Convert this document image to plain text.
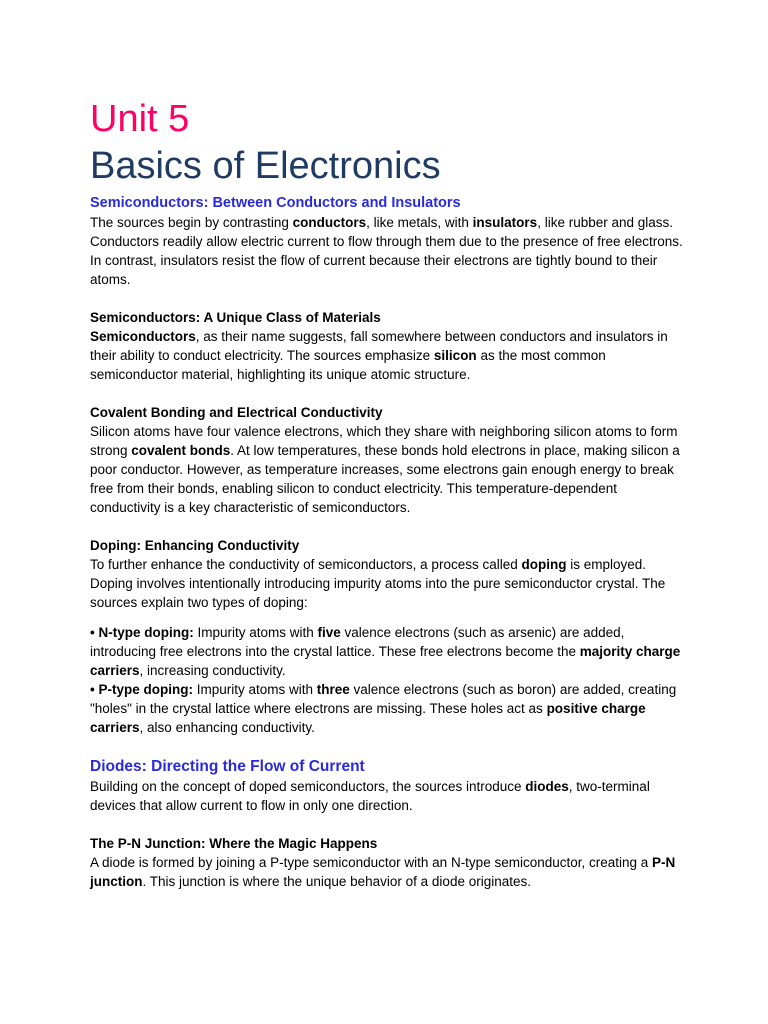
Unit 5
Basics of Electronics
Semiconductors: Between Conductors and Insulators

The sources begin by contrasting conductors, like metals, with insulators, like rubber and glass. Conductors readily allow electric current to flow through them due to the presence of free electrons. In contrast, insulators resist the flow of current because their electrons are tightly bound to their atoms.

Semiconductors: A Unique Class of Materials

Semiconductors, as their name suggests, fall somewhere between conductors and insulators in their ability to conduct electricity. The sources emphasize silicon as the most common semiconductor material, highlighting its unique atomic structure.

Covalent Bonding and Electrical Conductivity

Silicon atoms have four valence electrons, which they share with neighboring silicon atoms to form strong covalent bonds. At low temperatures, these bonds hold electrons in place, making silicon a poor conductor. However, as temperature increases, some electrons gain enough energy to break free from their bonds, enabling silicon to conduct electricity. This temperature-dependent conductivity is a key characteristic of semiconductors.

Doping: Enhancing Conductivity

To further enhance the conductivity of semiconductors, a process called doping is employed. Doping involves intentionally introducing impurity atoms into the pure semiconductor crystal. The sources explain two types of doping:

• N-type doping: Impurity atoms with five valence electrons (such as arsenic) are added, introducing free electrons into the crystal lattice. These free electrons become the majority charge carriers, increasing conductivity.

• P-type doping: Impurity atoms with three valence electrons (such as boron) are added, creating "holes" in the crystal lattice where electrons are missing. These holes act as positive charge carriers, also enhancing conductivity.

Diodes: Directing the Flow of Current

Building on the concept of doped semiconductors, the sources introduce diodes, two-terminal devices that allow current to flow in only one direction.

The P-N Junction: Where the Magic Happens

A diode is formed by joining a P-type semiconductor with an N-type semiconductor, creating a P-N junction. This junction is where the unique behavior of a diode originates.
